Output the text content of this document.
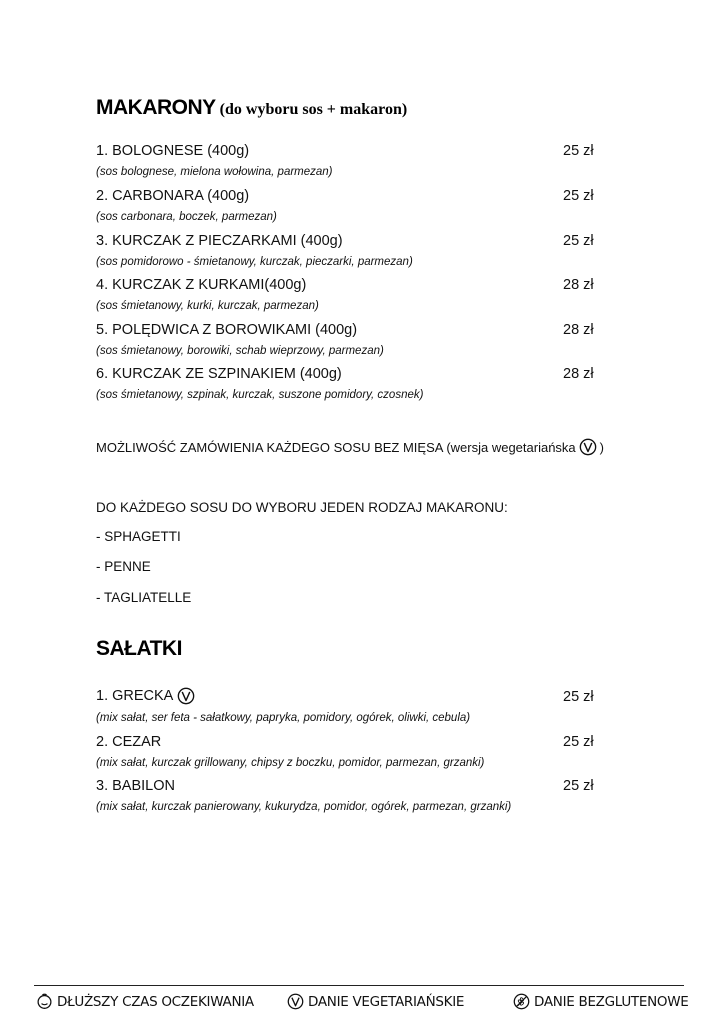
MAKARONY (do wyboru sos + makaron)
1. BOLOGNESE (400g)	25 zł
(sos bolognese, mielona wołowina, parmezan)
2. CARBONARA (400g)	25 zł
(sos carbonara, boczek, parmezan)
3. KURCZAK Z PIECZARKAMI (400g)	25 zł
(sos pomidorowo - śmietanowy, kurczak, pieczarki, parmezan)
4. KURCZAK Z KURKAMI(400g)	28 zł
(sos śmietanowy, kurki, kurczak, parmezan)
5. POLĘDWICA Z BOROWIKAMI (400g)	28 zł
(sos śmietanowy, borowiki, schab wieprzowy, parmezan)
6. KURCZAK ZE SZPINAKIEM (400g)	28 zł
(sos śmietanowy, szpinak, kurczak, suszone pomidory, czosnek)
MOŻLIWOŚĆ ZAMÓWIENIA KAŻDEGO SOSU BEZ MIĘSA (wersja wegetariańska )
DO KAŻDEGO SOSU DO WYBORU JEDEN RODZAJ MAKARONU:
- SPHAGETTI
- PENNE
- TAGLIATELLE
SAŁATKI
1. GRECKA	25 zł
(mix sałat, ser feta - sałatkowy, papryka, pomidory, ogórek, oliwki, cebula)
2. CEZAR	25 zł
(mix sałat, kurczak grillowany, chipsy z boczku, pomidor, parmezan, grzanki)
3. BABILON	25 zł
(mix sałat, kurczak panierowany, kukurydza, pomidor, ogórek, parmezan, grzanki)
DŁUŻSZY CZAS OCZEKIWANIA	DANIE VEGETARIAŃSKIE	DANIE BEZGLUTENOWE
